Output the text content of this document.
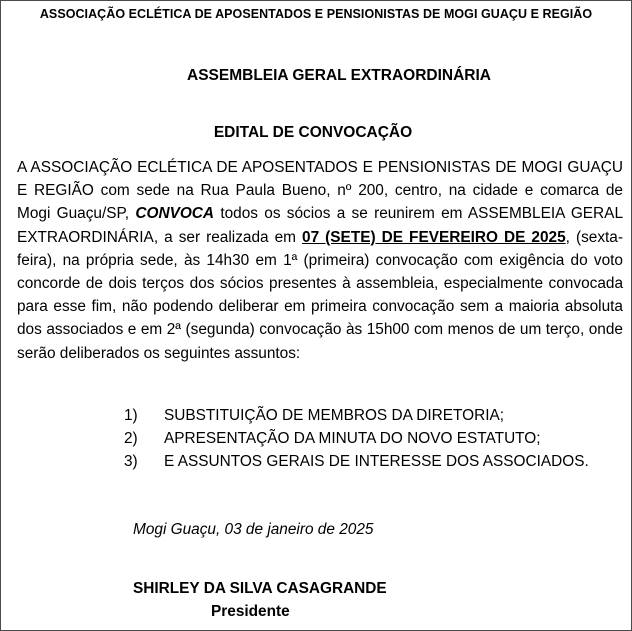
ASSOCIAÇÃO ECLÉTICA DE APOSENTADOS E PENSIONISTAS DE MOGI GUAÇU E REGIÃO
ASSEMBLEIA GERAL EXTRAORDINÁRIA
EDITAL DE CONVOCAÇÃO
A ASSOCIAÇÃO ECLÉTICA DE APOSENTADOS E PENSIONISTAS DE MOGI GUAÇU E REGIÃO com sede na Rua Paula Bueno, nº 200, centro, na cidade e comarca de Mogi Guaçu/SP, CONVOCA todos os sócios a se reunirem em ASSEMBLEIA GERAL EXTRAORDINÁRIA, a ser realizada em 07 (SETE) DE FEVEREIRO DE 2025, (sexta-feira), na própria sede, às 14h30 em 1ª (primeira) convocação com exigência do voto concorde de dois terços dos sócios presentes à assembleia, especialmente convocada para esse fim, não podendo deliberar em primeira convocação sem a maioria absoluta dos associados e em 2ª (segunda) convocação às 15h00 com menos de um terço, onde serão deliberados os seguintes assuntos:
1)	SUBSTITUIÇÃO DE MEMBROS DA DIRETORIA;
2)	APRESENTAÇÃO DA MINUTA DO NOVO ESTATUTO;
3)	E ASSUNTOS GERAIS DE INTERESSE DOS ASSOCIADOS.
Mogi Guaçu, 03 de janeiro de 2025
SHIRLEY DA SILVA CASAGRANDE
Presidente
